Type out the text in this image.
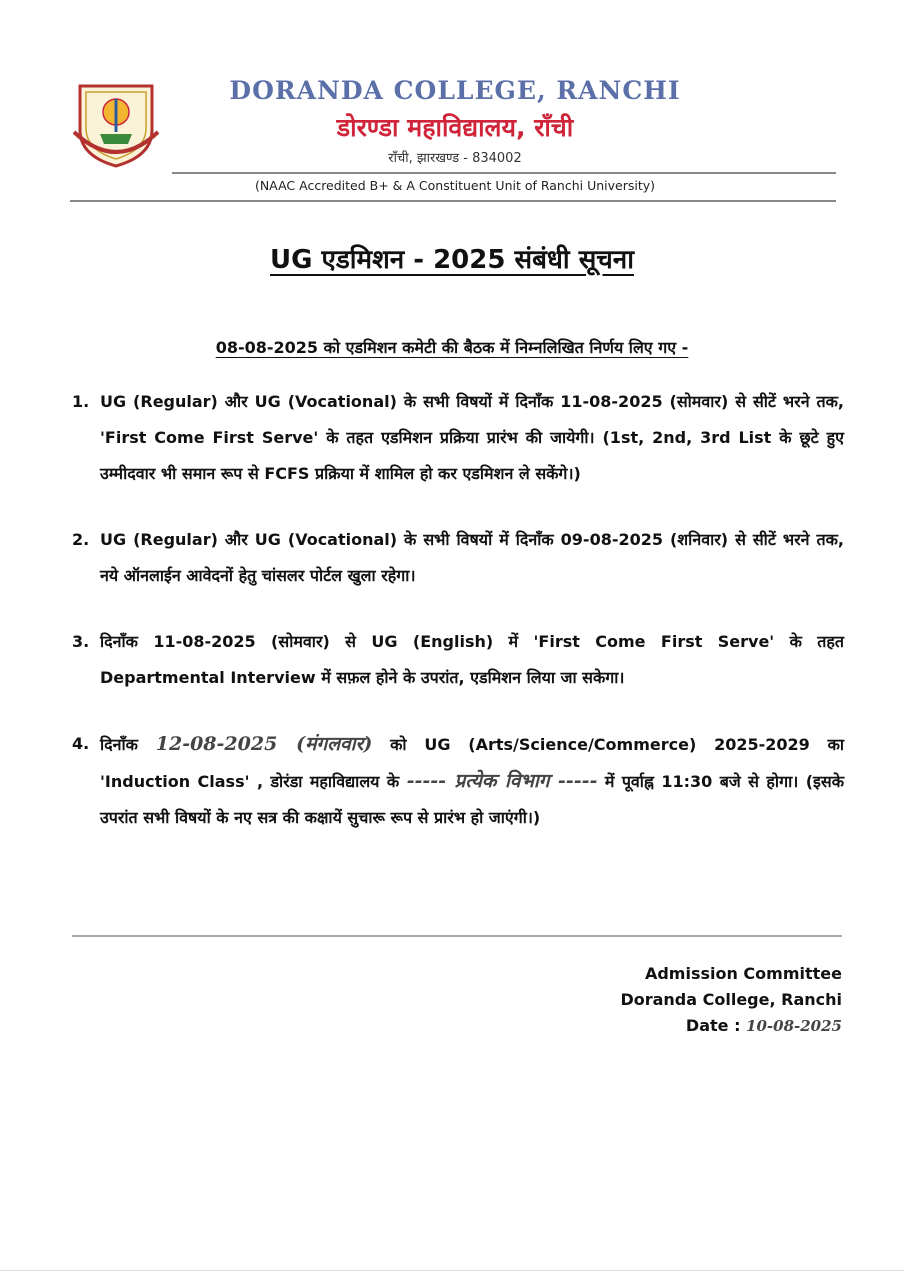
DORANDA COLLEGE, RANCHI
डोरण्डा महाविद्यालय, राँची
राँची, झारखण्ड - 834002
(NAAC Accredited B+ & A Constituent Unit of Ranchi University)
UG एडमिशन - 2025 संबंधी सूचना
08-08-2025 को एडमिशन कमेटी की बैठक में निम्नलिखित निर्णय लिए गए -
1. UG (Regular) और UG (Vocational) के सभी विषयों में दिनाँक 11-08-2025 (सोमवार) से सीटें भरने तक, 'First Come First Serve' के तहत एडमिशन प्रक्रिया प्रारंभ की जायेगी। (1st, 2nd, 3rd List के छूटे हुए उम्मीदवार भी समान रूप से FCFS प्रक्रिया में शामिल हो कर एडमिशन ले सकेंगे।)
2. UG (Regular) और UG (Vocational) के सभी विषयों में दिनाँक 09-08-2025 (शनिवार) से सीटें भरने तक, नये ऑनलाईन आवेदनों हेतु चांसलर पोर्टल खुला रहेगा।
3. दिनाँक 11-08-2025 (सोमवार) से UG (English) में 'First Come First Serve' के तहत Departmental Interview में सफ़ल होने के उपरांत, एडमिशन लिया जा सकेगा।
4. दिनाँक 12-08-2025 (मंगलवार) को UG (Arts/Science/Commerce) 2025-2029 का 'Induction Class' , डोरंडा महाविद्यालय के ----- प्रत्येक विभाग ----- में पूर्वाह्न 11:30 बजे से होगा। (इसके उपरांत सभी विषयों के नए सत्र की कक्षायें सुचारू रूप से प्रारंभ हो जाएंगी।)
Admission Committee
Doranda College, Ranchi
Date : 10-08-2025
